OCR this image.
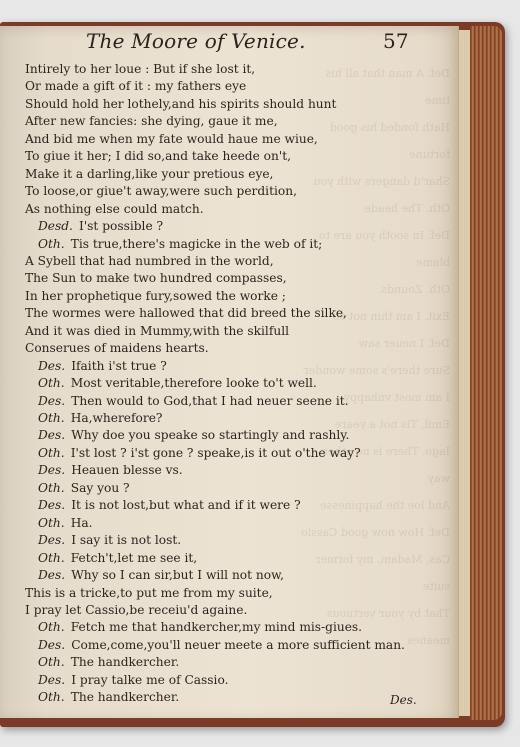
Def. A man that all his time
Hath fonded his good fortune
Shar'd dangers with you
Oth. The heade
Def. In sooth you are to blame
Oth. Zounds.
Exit. I am thin not so
Def. I neuer saw
Sure there's some wonder
I am most vnhappy
Emil. Tis not a yeare
Iago. There is no other way
And loe the happinesse
Def. How now good Cassio
Cas. Madam, my former suite
That by your vertuous meanes

The Moore of Venice.	57
Intirely to her loue : But if she lost it,
Or made a gift of it : my fathers eye
Should hold her lothely,and his spirits should hunt
After new fancies: she dying, gaue it me,
And bid me when my fate would haue me wiue,
To giue it her; I did so,and take heede on't,
Make it a darling,like your pretious eye,
To loose,or giue't away,were such perdition,
As nothing else could match.
Desd.  I'st possible ?
Oth.  Tis true,there's magicke in the web of it;
A Sybell that had numbred in the world,
The Sun to make two hundred compasses,
In her prophetique fury,sowed the worke ;
The wormes were hallowed that did breed the silke,
And it was died in Mummy,with the skilfull
Conserues of maidens hearts.
Des.  Ifaith i'st true ?
Oth.  Most veritable,therefore looke to't well.
Des.  Then would to God,that I had neuer seene it.
Oth.  Ha,wherefore?
Des.  Why doe you speake so startingly and rashly.
Oth.  I'st lost ? i'st gone ? speake,is it out o'the way?
Des.  Heauen blesse vs.
Oth.  Say you ?
Des.  It is not lost,but what and if it were ?
Oth.  Ha.
Des.  I say it is not lost.
Oth.  Fetch't,let me see it,
Des.  Why so I can sir,but I will not now,
This is a tricke,to put me from my suite,
I pray let Cassio,be receiu'd againe.
Oth.  Fetch me that handkercher,my mind mis-giues.
Des.  Come,come,you'll neuer meete a more sufficient man.
Oth.  The handkercher.
Des.  I pray talke me of Cassio.
Oth.  The handkercher.	Des.
